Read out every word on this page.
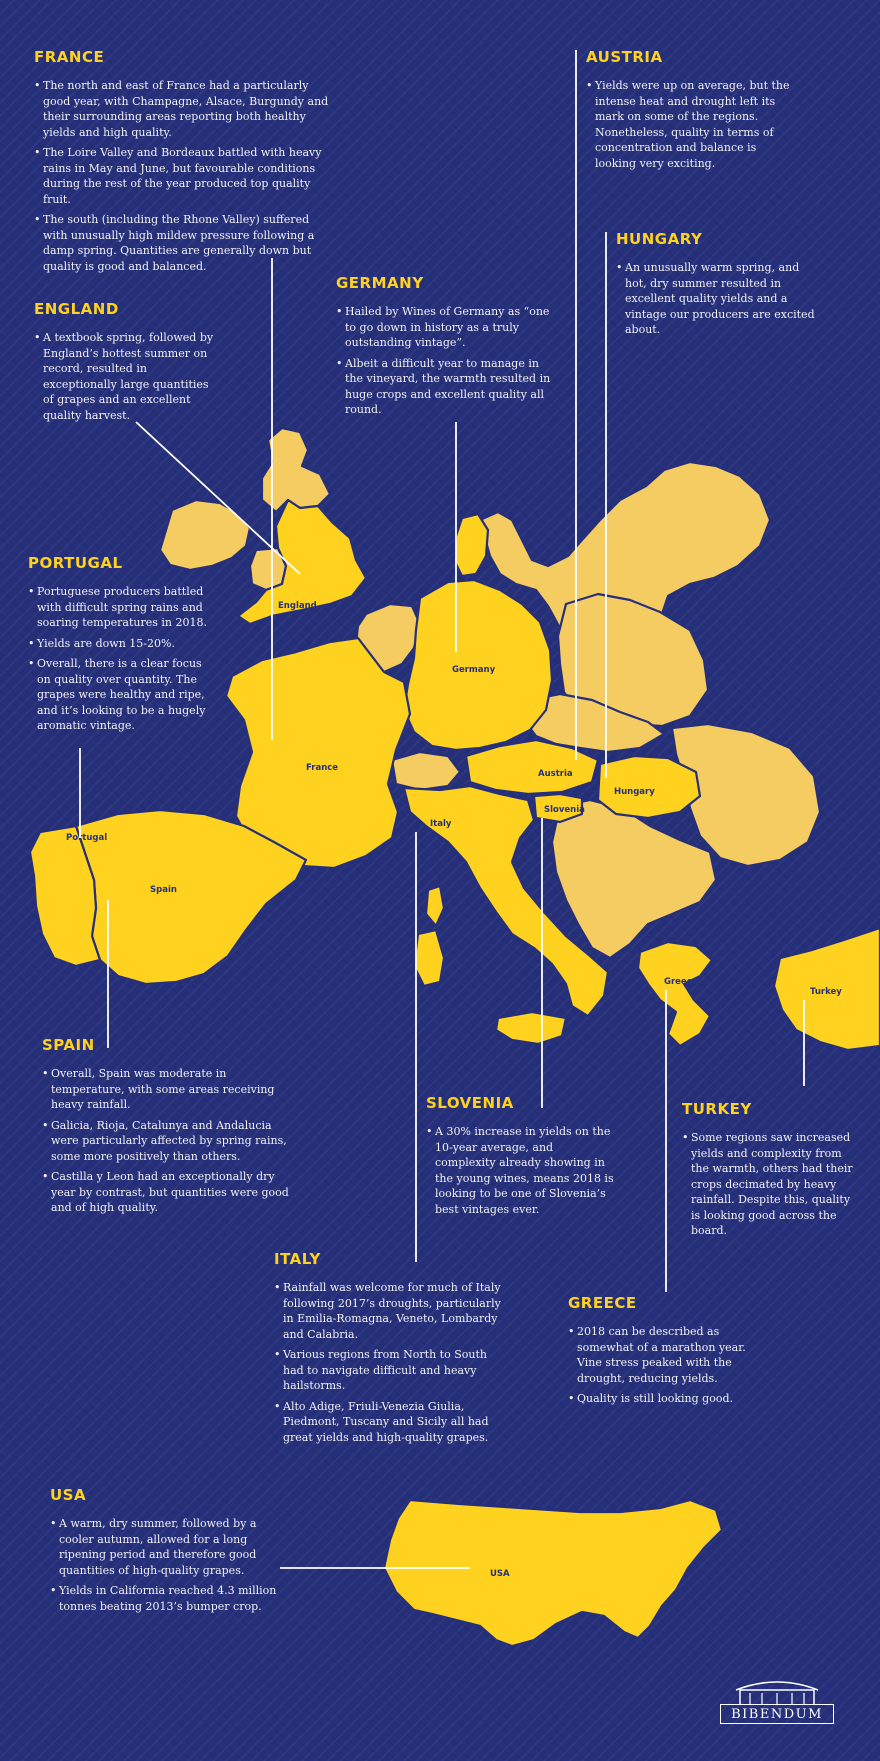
England
Germany
France
Austria
Hungary
Slovenia
Italy
Portugal
Spain
Greece
Turkey
USA
FRANCE
• The north and east of France had a particularly good year, with Champagne, Alsace, Burgundy and their surrounding areas reporting both healthy yields and high quality.
• The Loire Valley and Bordeaux battled with heavy rains in May and June, but favourable conditions during the rest of the year produced top quality fruit.
• The south (including the Rhone Valley) suffered with unusually high mildew pressure following a damp spring. Quantities are generally down but quality is good and balanced.
AUSTRIA
• Yields were up on average, but the intense heat and drought left its mark on some of the regions. Nonetheless, quality in terms of concentration and balance is looking very exciting.
HUNGARY
• An unusually warm spring, and hot, dry summer resulted in excellent quality yields and a vintage our producers are excited about.
GERMANY
• Hailed by Wines of Germany as “one to go down in history as a truly outstanding vintage”.
• Albeit a difficult year to manage in the vineyard, the warmth resulted in huge crops and excellent quality all round.
ENGLAND
• A textbook spring, followed by England’s hottest summer on record, resulted in exceptionally large quantities of grapes and an excellent quality harvest.
PORTUGAL
• Portuguese producers battled with difficult spring rains and soaring temperatures in 2018.
• Yields are down 15-20%.
• Overall, there is a clear focus on quality over quantity. The grapes were healthy and ripe, and it’s looking to be a hugely aromatic vintage.
SPAIN
• Overall, Spain was moderate in temperature, with some areas receiving heavy rainfall.
• Galicia, Rioja, Catalunya and Andalucia were particularly affected by spring rains, some more positively than others.
• Castilla y Leon had an exceptionally dry year by contrast, but quantities were good and of high quality.
SLOVENIA
• A 30% increase in yields on the 10-year average, and complexity already showing in the young wines, means 2018 is looking to be one of Slovenia’s best vintages ever.
TURKEY
• Some regions saw increased yields and complexity from the warmth, others had their crops decimated by heavy rainfall. Despite this, quality is looking good across the board.
ITALY
• Rainfall was welcome for much of Italy following 2017’s droughts, particularly in Emilia-Romagna, Veneto, Lombardy and Calabria.
• Various regions from North to South had to navigate difficult and heavy hailstorms.
• Alto Adige, Friuli-Venezia Giulia, Piedmont, Tuscany and Sicily all had great yields and high-quality grapes.
GREECE
• 2018 can be described as somewhat of a marathon year. Vine stress peaked with the drought, reducing yields.
• Quality is still looking good.
USA
• A warm, dry summer, followed by a cooler autumn, allowed for a long ripening period and therefore good quantities of high-quality grapes.
• Yields in California reached 4.3 million tonnes beating 2013’s bumper crop.
BIBENDUM
